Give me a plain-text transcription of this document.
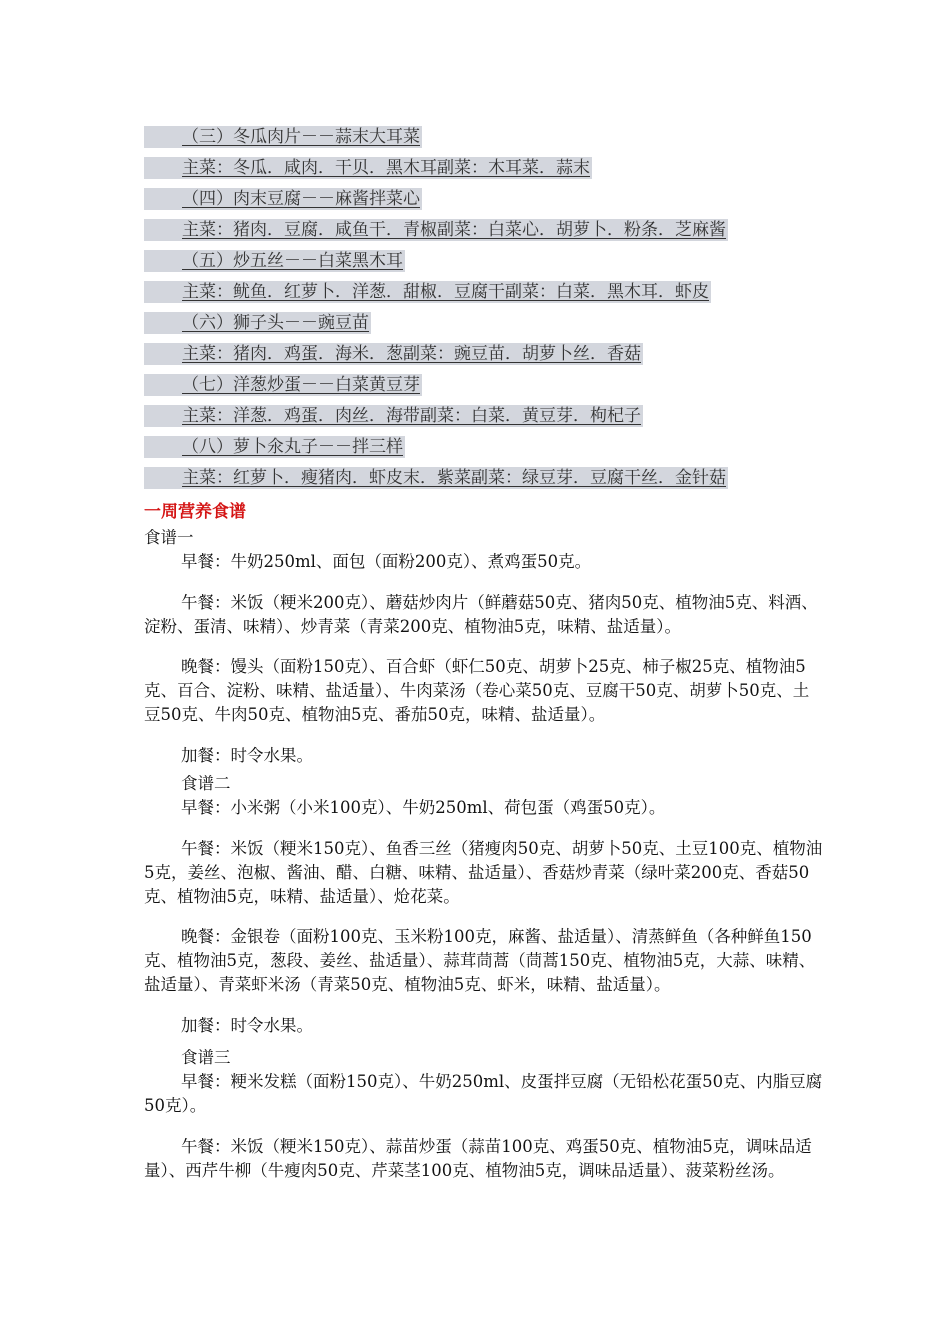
（三）冬瓜肉片－－蒜末大耳菜
主菜：冬瓜．咸肉．干贝．黑木耳副菜：木耳菜．蒜末
（四）肉末豆腐－－麻酱拌菜心
主菜：猪肉．豆腐．咸鱼干．青椒副菜：白菜心．胡萝卜．粉条．芝麻酱
（五）炒五丝－－白菜黑木耳
主菜：鱿鱼．红萝卜．洋葱．甜椒．豆腐干副菜：白菜．黑木耳．虾皮
（六）狮子头－－豌豆苗
主菜：猪肉．鸡蛋．海米．葱副菜：豌豆苗．胡萝卜丝．香菇
（七）洋葱炒蛋－－白菜黄豆芽
主菜：洋葱．鸡蛋．肉丝．海带副菜：白菜．黄豆芽．枸杞子
（八）萝卜氽丸子－－拌三样
主菜：红萝卜．瘦猪肉．虾皮末．紫菜副菜：绿豆芽．豆腐干丝．金针菇
一周营养食谱
食谱一

早餐：牛奶250ml、面包（面粉200克）、煮鸡蛋50克。

午餐：米饭（粳米200克）、蘑菇炒肉片（鲜蘑菇50克、猪肉50克、植物油5克、料酒、淀粉、蛋清、味精）、炒青菜（青菜200克、植物油5克，味精、盐适量）。

晚餐：馒头（面粉150克）、百合虾（虾仁50克、胡萝卜25克、柿子椒25克、植物油5克、百合、淀粉、味精、盐适量）、牛肉菜汤（卷心菜50克、豆腐干50克、胡萝卜50克、土豆50克、牛肉50克、植物油5克、番茄50克，味精、盐适量）。

加餐：时令水果。

食谱二

早餐：小米粥（小米100克）、牛奶250ml、荷包蛋（鸡蛋50克）。

午餐：米饭（粳米150克）、鱼香三丝（猪瘦肉50克、胡萝卜50克、土豆100克、植物油5克，姜丝、泡椒、酱油、醋、白糖、味精、盐适量）、香菇炒青菜（绿叶菜200克、香菇50克、植物油5克，味精、盐适量）、炝花菜。

晚餐：金银卷（面粉100克、玉米粉100克，麻酱、盐适量）、清蒸鲜鱼（各种鲜鱼150克、植物油5克，葱段、姜丝、盐适量）、蒜茸茼蒿（茼蒿150克、植物油5克，大蒜、味精、盐适量）、青菜虾米汤（青菜50克、植物油5克、虾米，味精、盐适量）。

加餐：时令水果。

食谱三

早餐：粳米发糕（面粉150克）、牛奶250ml、皮蛋拌豆腐（无铅松花蛋50克、内脂豆腐50克）。

午餐：米饭（粳米150克）、蒜苗炒蛋（蒜苗100克、鸡蛋50克、植物油5克，调味品适量）、西芹牛柳（牛瘦肉50克、芹菜茎100克、植物油5克，调味品适量）、菠菜粉丝汤。
